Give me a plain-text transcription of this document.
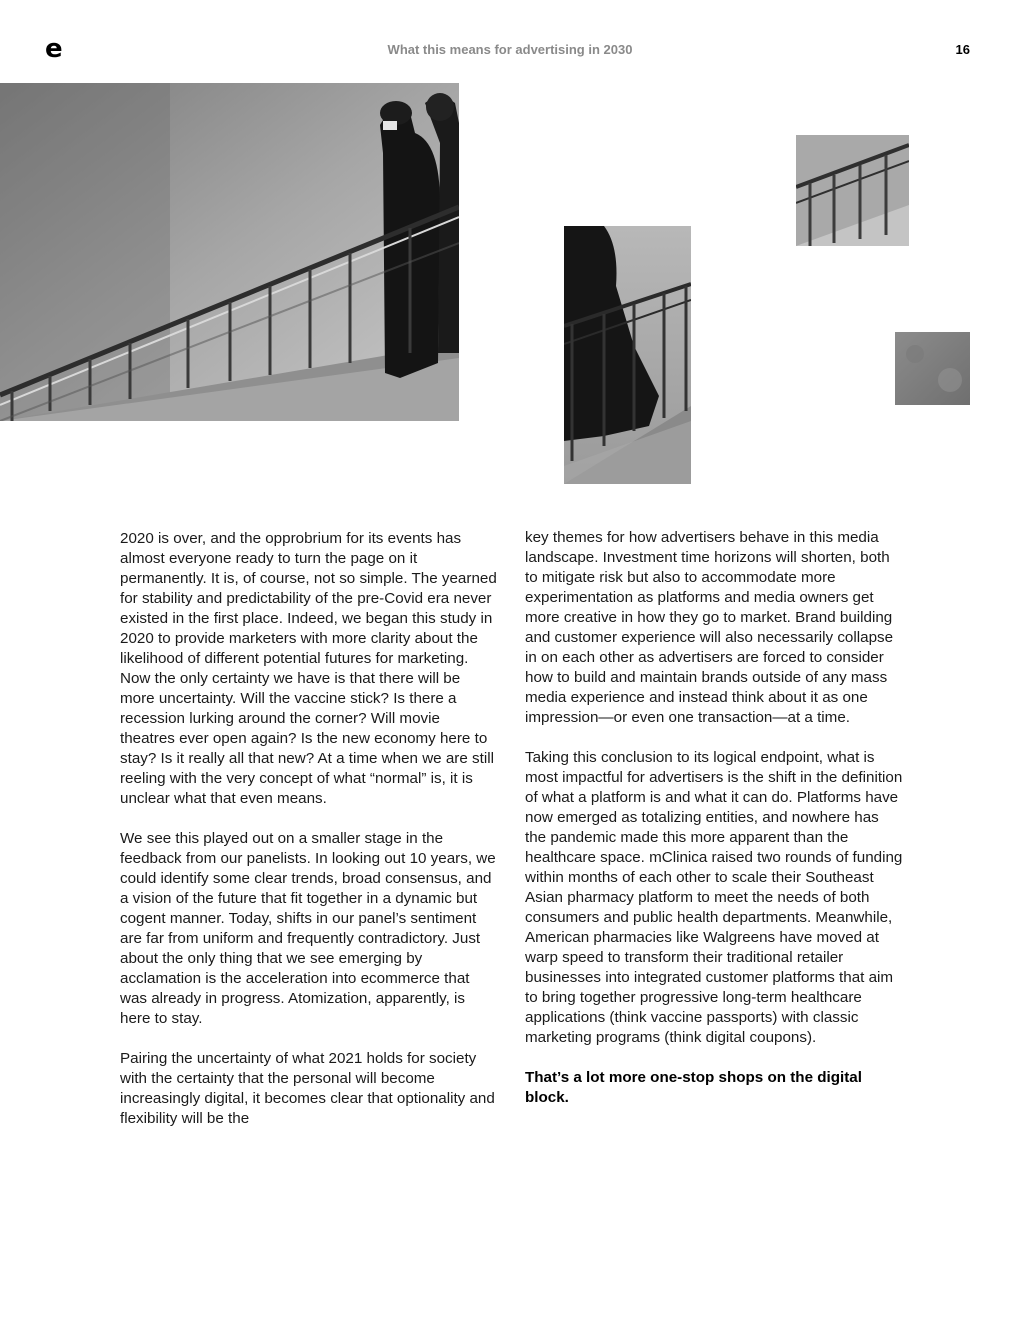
e	What this means for advertising in 2030	16

2020 is over, and the opprobrium for its events has almost everyone ready to turn the page on it permanently. It is, of course, not so simple. The yearned for stability and predictability of the pre-Covid era never existed in the first place. Indeed, we began this study in 2020 to provide marketers with more clarity about the likelihood of different potential futures for marketing. Now the only certainty we have is that there will be more uncertainty. Will the vaccine stick? Is there a recession lurking around the corner? Will movie theatres ever open again? Is the new economy here to stay? Is it really all that new? At a time when we are still reeling with the very concept of what “normal” is, it is unclear what that even means.

We see this played out on a smaller stage in the feedback from our panelists. In looking out 10 years, we could identify some clear trends, broad consensus, and a vision of the future that fit together in a dynamic but cogent manner. Today, shifts in our panel’s sentiment are far from uniform and frequently contradictory. Just about the only thing that we see emerging by acclamation is the acceleration into ecommerce that was already in progress. Atomization, apparently, is here to stay.

Pairing the uncertainty of what 2021 holds for society with the certainty that the personal will become increasingly digital, it becomes clear that optionality and flexibility will be the

key themes for how advertisers behave in this media landscape. Investment time horizons will shorten, both to mitigate risk but also to accommodate more experimentation as platforms and media owners get more creative in how they go to market. Brand building and customer experience will also necessarily collapse in on each other as advertisers are forced to consider how to build and maintain brands outside of any mass media experience and instead think about it as one impression—or even one transaction—at a time.

Taking this conclusion to its logical endpoint, what is most impactful for advertisers is the shift in the definition of what a platform is and what it can do. Platforms have now emerged as totalizing entities, and nowhere has the pandemic made this more apparent than the healthcare space. mClinica raised two rounds of funding within months of each other to scale their Southeast Asian pharmacy platform to meet the needs of both consumers and public health departments. Meanwhile, American pharmacies like Walgreens have moved at warp speed to transform their traditional retailer businesses into integrated customer platforms that aim to bring together progressive long-term healthcare applications (think vaccine passports) with classic marketing programs (think digital coupons).

That’s a lot more one-stop shops on the digital block.
